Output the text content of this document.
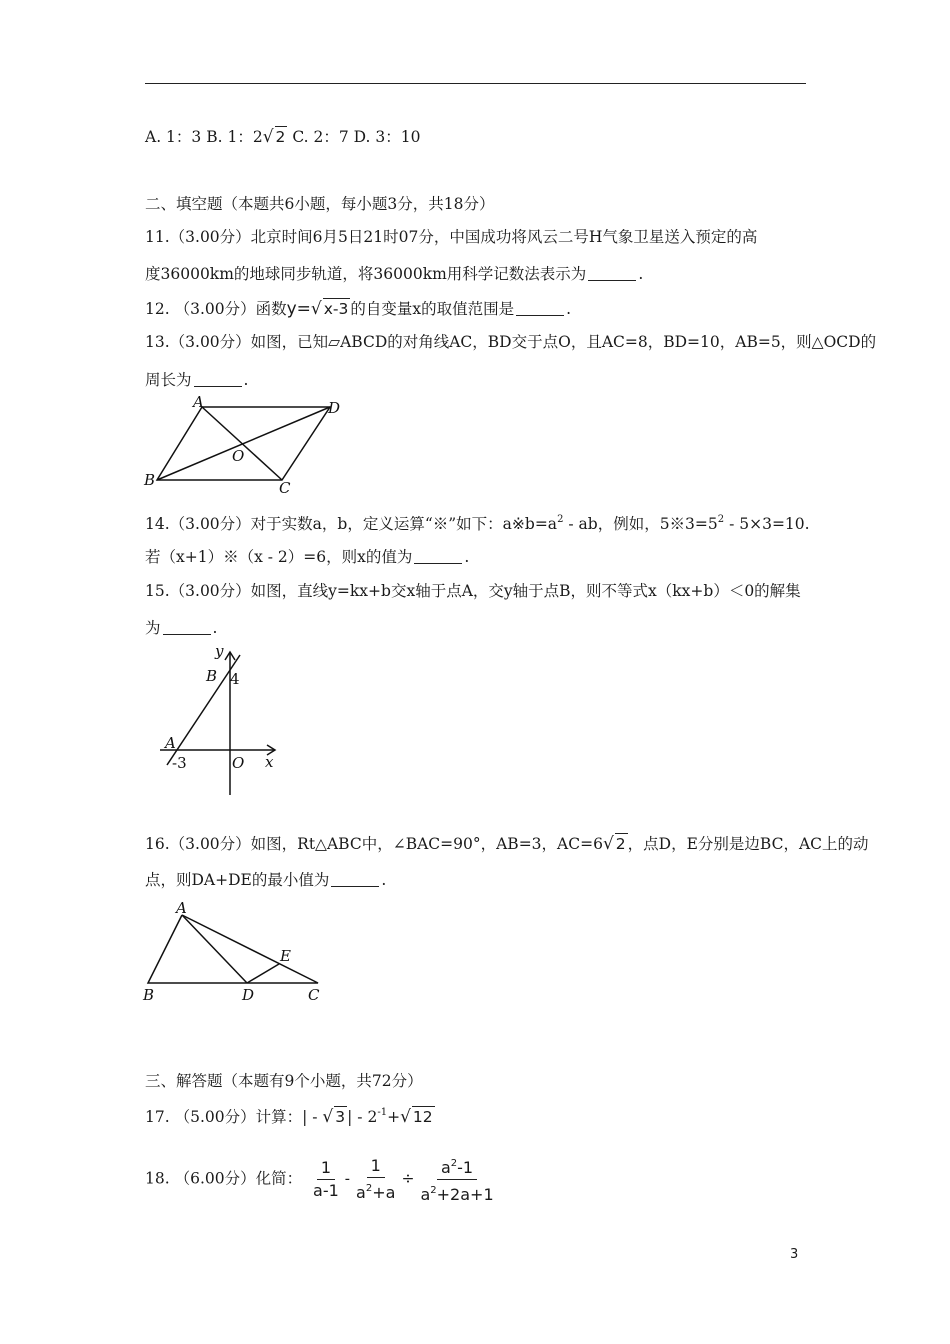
A. 1：3 B. 1：2√ 2 C. 2：7 D. 3：10
二、填空题（本题共6小题，每小题3分，共18分）
11.（3.00分）北京时间6月5日21时07分，中国成功将风云二号H气象卫星送入预定的高
度36000km的地球同步轨道，将36000km用科学记数法表示为	.
12. （3.00分）函数y=√ x-3 的自变量x的取值范围是	.
13.（3.00分）如图，已知▱ABCD的对角线AC，BD交于点O，且AC=8，BD=10，AB=5，则△OCD的
周长为	.
A	D
B	C
O
14.（3.00分）对于实数a，b，定义运算“※”如下：$a※b=a^2$ - ab，例如，$5※3=5^2 - 5\times 3=10$.
若（x+1）※（x - 2）=6，则x的值为	.
15.（3.00分）如图，直线y=kx+b交x轴于点A，交y轴于点B，则不等式x（kx+b）＜0的解集
为	.
y
B 4
A
-3	O x
16.（3.00分）如图，Rt△ABC中，∠BAC=90°，AB=3，AC=6√ 2 ，点D，E分别是边BC，AC上的动
点，则DA+DE的最小值为	.
A
B	D	C
E
三、解答题（本题有9个小题，共72分）
17. （5.00分）计算：| - √ 3 | - $2^{-1}+√$ 12
18. （6.00分）化简： $\frac{1}{a-1} - \frac{1}{a^2+a} \div \frac{a^2-1}{a^2+2a+1}$
3
